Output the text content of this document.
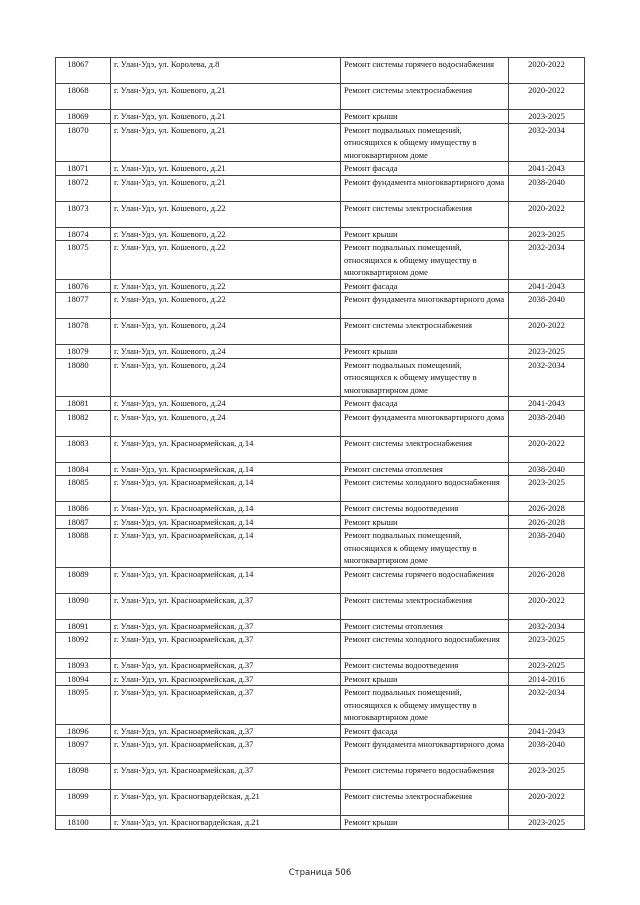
18067	г. Улан-Удэ, ул. Королева, д.8	Ремонт системы горячего водоснабжения	2020-2022
18068	г. Улан-Удэ, ул. Кошевого, д.21	Ремонт системы электроснабжения	2020-2022
18069	г. Улан-Удэ, ул. Кошевого, д.21	Ремонт крыши	2023-2025
18070	г. Улан-Удэ, ул. Кошевого, д.21	Ремонт подвальных помещений, относящихся к общему имуществу в многоквартирном доме	2032-2034
18071	г. Улан-Удэ, ул. Кошевого, д.21	Ремонт фасада	2041-2043
18072	г. Улан-Удэ, ул. Кошевого, д.21	Ремонт фундамента многоквартирного дома	2038-2040
18073	г. Улан-Удэ, ул. Кошевого, д.22	Ремонт системы электроснабжения	2020-2022
18074	г. Улан-Удэ, ул. Кошевого, д.22	Ремонт крыши	2023-2025
18075	г. Улан-Удэ, ул. Кошевого, д.22	Ремонт подвальных помещений, относящихся к общему имуществу в многоквартирном доме	2032-2034
18076	г. Улан-Удэ, ул. Кошевого, д.22	Ремонт фасада	2041-2043
18077	г. Улан-Удэ, ул. Кошевого, д.22	Ремонт фундамента многоквартирного дома	2038-2040
18078	г. Улан-Удэ, ул. Кошевого, д.24	Ремонт системы электроснабжения	2020-2022
18079	г. Улан-Удэ, ул. Кошевого, д.24	Ремонт крыши	2023-2025
18080	г. Улан-Удэ, ул. Кошевого, д.24	Ремонт подвальных помещений, относящихся к общему имуществу в многоквартирном доме	2032-2034
18081	г. Улан-Удэ, ул. Кошевого, д.24	Ремонт фасада	2041-2043
18082	г. Улан-Удэ, ул. Кошевого, д.24	Ремонт фундамента многоквартирного дома	2038-2040
18083	г. Улан-Удэ, ул. Красноармейская, д.14	Ремонт системы электроснабжения	2020-2022
18084	г. Улан-Удэ, ул. Красноармейская, д.14	Ремонт системы отопления	2038-2040
18085	г. Улан-Удэ, ул. Красноармейская, д.14	Ремонт системы холодного водоснабжения	2023-2025
18086	г. Улан-Удэ, ул. Красноармейская, д.14	Ремонт системы водоотведения	2026-2028
18087	г. Улан-Удэ, ул. Красноармейская, д.14	Ремонт крыши	2026-2028
18088	г. Улан-Удэ, ул. Красноармейская, д.14	Ремонт подвальных помещений, относящихся к общему имуществу в многоквартирном доме	2038-2040
18089	г. Улан-Удэ, ул. Красноармейская, д.14	Ремонт системы горячего водоснабжения	2026-2028
18090	г. Улан-Удэ, ул. Красноармейская, д.37	Ремонт системы электроснабжения	2020-2022
18091	г. Улан-Удэ, ул. Красноармейская, д.37	Ремонт системы отопления	2032-2034
18092	г. Улан-Удэ, ул. Красноармейская, д.37	Ремонт системы холодного водоснабжения	2023-2025
18093	г. Улан-Удэ, ул. Красноармейская, д.37	Ремонт системы водоотведения	2023-2025
18094	г. Улан-Удэ, ул. Красноармейская, д.37	Ремонт крыши	2014-2016
18095	г. Улан-Удэ, ул. Красноармейская, д.37	Ремонт подвальных помещений, относящихся к общему имуществу в многоквартирном доме	2032-2034
18096	г. Улан-Удэ, ул. Красноармейская, д.37	Ремонт фасада	2041-2043
18097	г. Улан-Удэ, ул. Красноармейская, д.37	Ремонт фундамента многоквартирного дома	2038-2040
18098	г. Улан-Удэ, ул. Красноармейская, д.37	Ремонт системы горячего водоснабжения	2023-2025
18099	г. Улан-Удэ, ул. Красногвардейская, д.21	Ремонт системы электроснабжения	2020-2022
18100	г. Улан-Удэ, ул. Красногвардейская, д.21	Ремонт крыши	2023-2025
Страница 506
